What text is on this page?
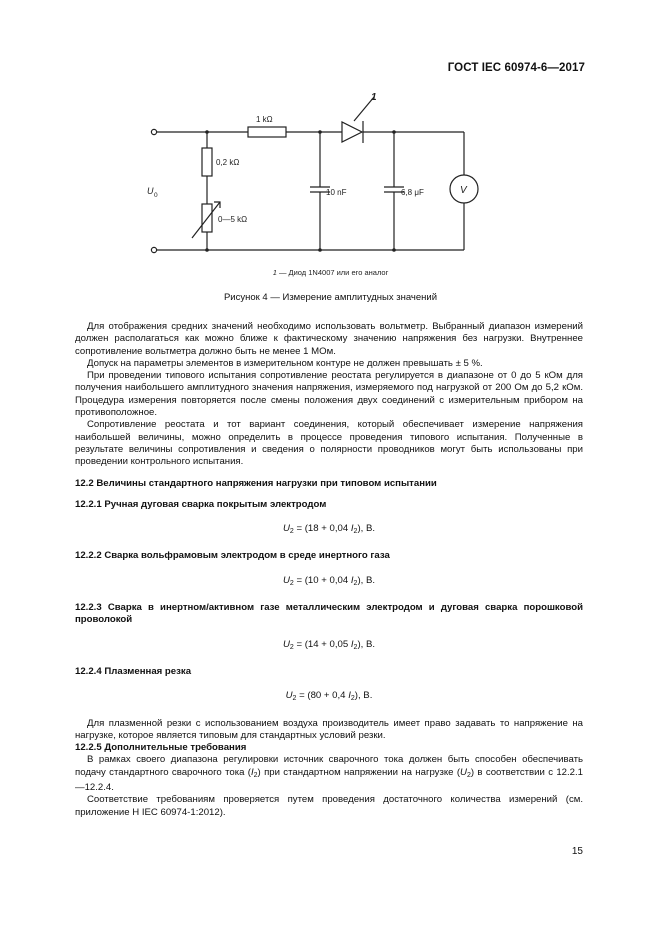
ГОСТ IEC 60974-6—2017
1 kΩ
0,2 kΩ
0—5 kΩ
10 nF	6,8 μF
1
V
U 0
1 — Диод 1N4007 или его аналог
Рисунок 4 — Измерение амплитудных значений

Для отображения средних значений необходимо использовать вольтметр. Выбранный диапазон измерений должен располагаться как можно ближе к фактическому значению напряжения без нагрузки. Внутреннее сопротивление вольтметра должно быть не менее 1 МОм.

Допуск на параметры элементов в измерительном контуре не должен превышать ± 5 %.

При проведении типового испытания сопротивление реостата регулируется в диапазоне от 0 до 5 кОм для получения наибольшего амплитудного значения напряжения, измеряемого под нагрузкой от 200 Ом до 5,2 кОм. Процедура измерения повторяется после смены положения двух соединений с измерительным прибором на противоположное.

Сопротивление реостата и тот вариант соединения, который обеспечивает измерение напряжения наибольшей величины, можно определить в процессе проведения типового испытания. Полученные в результате величины сопротивления и сведения о полярности проводников могут быть использованы при проведении контрольного испытания.

12.2 Величины стандартного напряжения нагрузки при типовом испытании

12.2.1 Ручная дуговая сварка покрытым электродом

$U_2 = (18 + 0,04$ $I_2$), В.

12.2.2 Сварка вольфрамовым электродом в среде инертного газа

$U_2 = (10 + 0,04$ $I_2$), В.

12.2.3 Сварка в инертном/активном газе металлическим электродом и дуговая сварка порошковой проволокой

$U_2 = (14 + 0,05$ $I_2$), В.

12.2.4 Плазменная резка

$U_2 = (80 + 0,4$ $I_2$), В.

Для плазменной резки с использованием воздуха производитель имеет право задавать то напряжение на нагрузке, которое является типовым для стандартных условий резки.

12.2.5 Дополнительные требования

В рамках своего диапазона регулировки источник сварочного тока должен быть способен обеспечивать подачу стандартного сварочного тока $(I_2)$ при стандартном напряжении на нагрузке $(U_2)$ в соответствии с 12.2.1—12.2.4.

Соответствие требованиям проверяется путем проведения достаточного количества измерений (см. приложение Н IEC 60974-1:2012).

15
